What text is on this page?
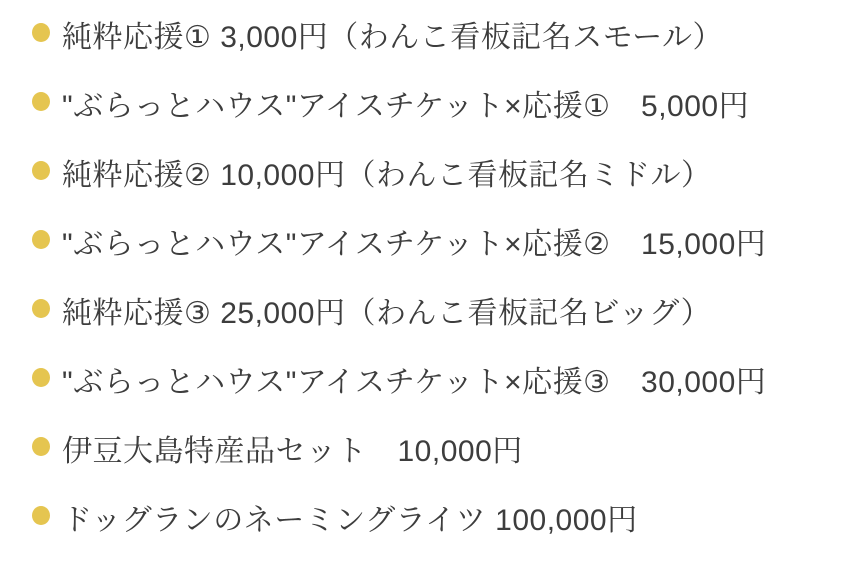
純粋応援① 3,000円（わんこ看板記名スモール）
"ぶらっとハウス"アイスチケット×応援①　5,000円
純粋応援② 10,000円（わんこ看板記名ミドル）
"ぶらっとハウス"アイスチケット×応援②　15,000円
純粋応援③ 25,000円（わんこ看板記名ビッグ）
"ぶらっとハウス"アイスチケット×応援③　30,000円
伊豆大島特産品セット　10,000円
ドッグランのネーミングライツ 100,000円
